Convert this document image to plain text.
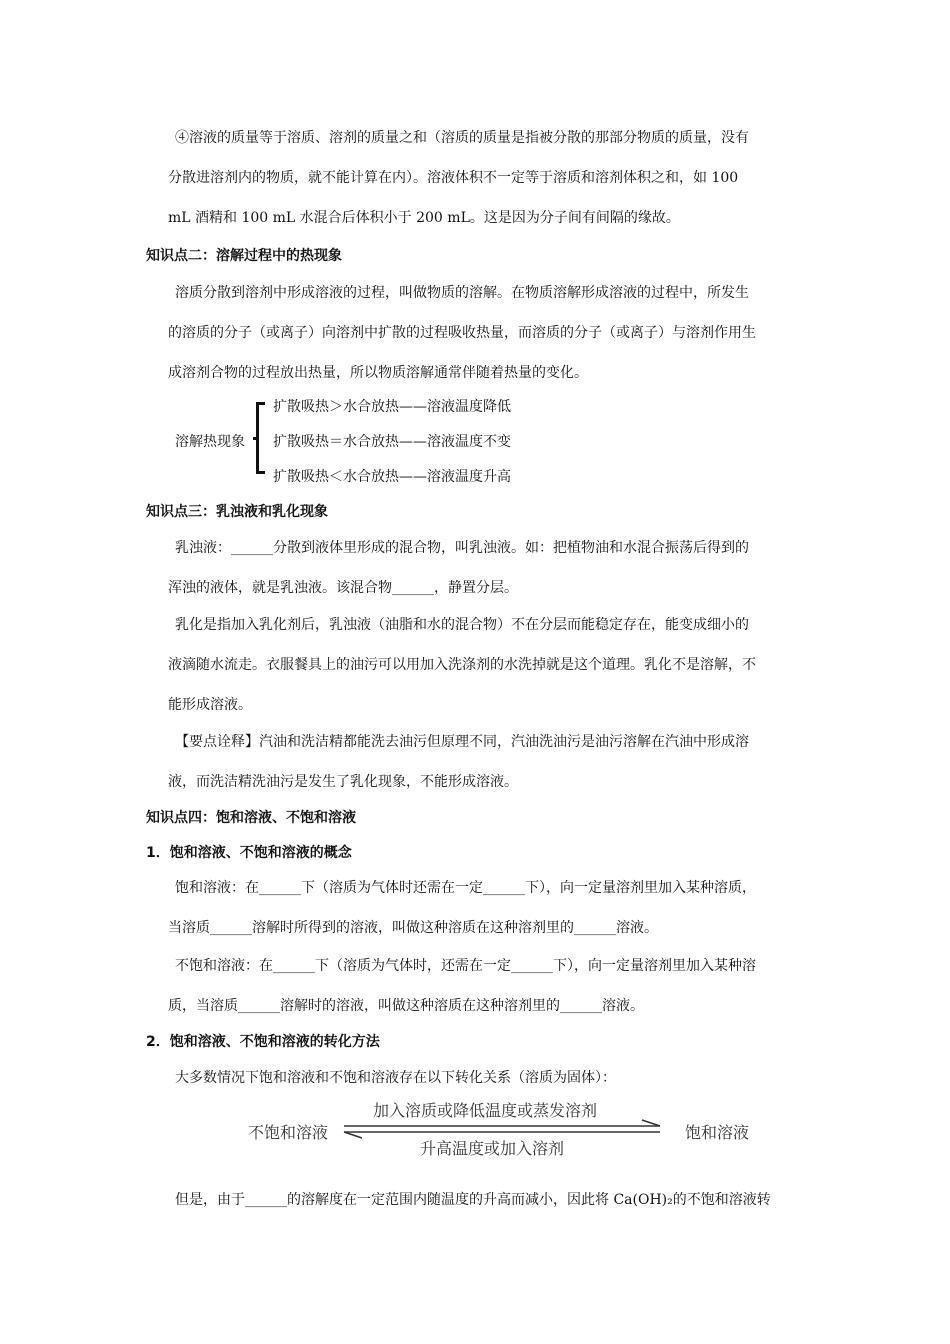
④溶液的质量等于溶质、溶剂的质量之和（溶质的质量是指被分散的那部分物质的质量，没有
分散进溶剂内的物质，就不能计算在内）。溶液体积不一定等于溶质和溶剂体积之和，如 100
mL 酒精和 100 mL 水混合后体积小于 200 mL。这是因为分子间有间隔的缘故。
知识点二：溶解过程中的热现象
溶质分散到溶剂中形成溶液的过程，叫做物质的溶解。在物质溶解形成溶液的过程中，所发生
的溶质的分子（或离子）向溶剂中扩散的过程吸收热量，而溶质的分子（或离子）与溶剂作用生
成溶剂合物的过程放出热量，所以物质溶解通常伴随着热量的变化。
溶解热现象
扩散吸热＞水合放热——溶液温度降低
扩散吸热＝水合放热——溶液温度不变
扩散吸热＜水合放热——溶液温度升高
知识点三：乳浊液和乳化现象
乳浊液：______分散到液体里形成的混合物，叫乳浊液。如：把植物油和水混合振荡后得到的
浑浊的液体，就是乳浊液。该混合物______，静置分层。
乳化是指加入乳化剂后，乳浊液（油脂和水的混合物）不在分层而能稳定存在，能变成细小的
液滴随水流走。衣服餐具上的油污可以用加入洗涤剂的水洗掉就是这个道理。乳化不是溶解，不
能形成溶液。
【要点诠释】汽油和洗洁精都能洗去油污但原理不同，汽油洗油污是油污溶解在汽油中形成溶
液，而洗洁精洗油污是发生了乳化现象，不能形成溶液。
知识点四：饱和溶液、不饱和溶液
1．饱和溶液、不饱和溶液的概念
饱和溶液：在______下（溶质为气体时还需在一定______下），向一定量溶剂里加入某种溶质，
当溶质______溶解时所得到的溶液，叫做这种溶质在这种溶剂里的______溶液。
不饱和溶液：在______下（溶质为气体时，还需在一定______下），向一定量溶剂里加入某种溶
质，当溶质______溶解时的溶液，叫做这种溶质在这种溶剂里的______溶液。
2．饱和溶液、不饱和溶液的转化方法
大多数情况下饱和溶液和不饱和溶液存在以下转化关系（溶质为固体）：
不饱和溶液
加入溶质或降低温度或蒸发溶剂
升高温度或加入溶剂
饱和溶液
但是，由于______的溶解度在一定范围内随温度的升高而减小，因此将 Ca(OH)₂的不饱和溶液转
